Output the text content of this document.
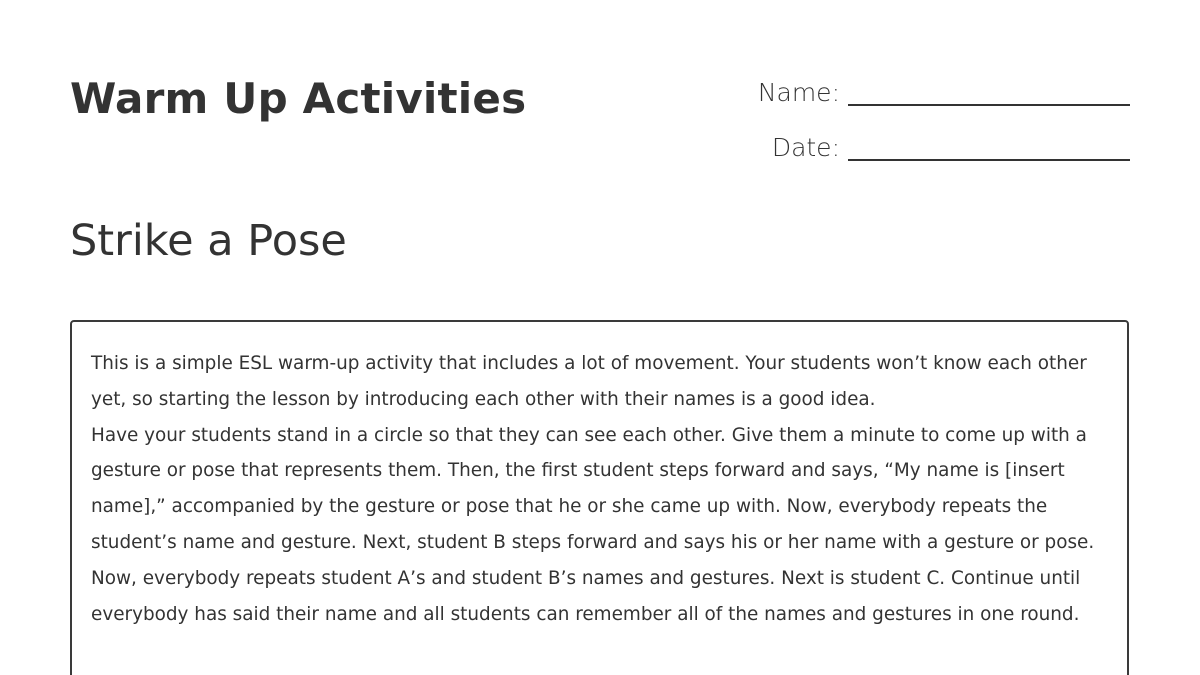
Warm Up Activities	Name:
Date:
Strike a Pose

This is a simple ESL warm-up activity that includes a lot of movement. Your students won’t know each other yet, so starting the lesson by introducing each other with their names is a good idea.

Have your students stand in a circle so that they can see each other. Give them a minute to come up with a gesture or pose that represents them. Then, the first student steps forward and says, “My name is [insert name],” accompanied by the gesture or pose that he or she came up with. Now, everybody repeats the student’s name and gesture. Next, student B steps forward and says his or her name with a gesture or pose. Now, everybody repeats student A’s and student B’s names and gestures. Next is student C. Continue until everybody has said their name and all students can remember all of the names and gestures in one round.
